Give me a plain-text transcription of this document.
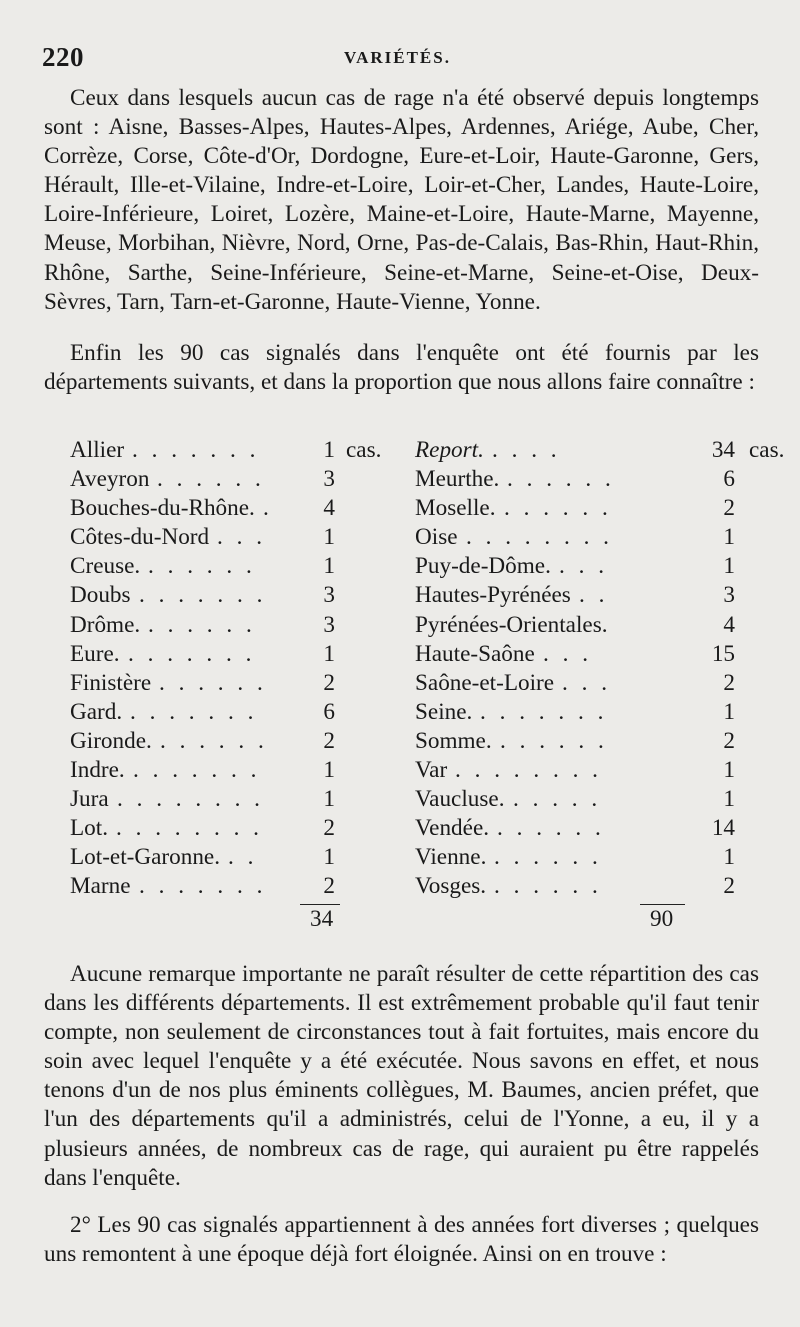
220	VARIÉTÉS.

Ceux dans lesquels aucun cas de rage n'a été observé depuis longtemps sont : Aisne, Basses-Alpes, Hautes-Alpes, Ardennes, Ariége, Aube, Cher, Corrèze, Corse, Côte-d'Or, Dordogne, Eure-et-Loir, Haute-Garonne, Gers, Hérault, Ille-et-Vilaine, Indre-et-Loire, Loir-et-Cher, Landes, Haute-Loire, Loire-Inférieure, Loiret, Lozère, Maine-et-Loire, Haute-Marne, Mayenne, Meuse, Morbihan, Nièvre, Nord, Orne, Pas-de-Calais, Bas-Rhin, Haut-Rhin, Rhône, Sarthe, Seine-Inférieure, Seine-et-Marne, Seine-et-Oise, Deux-Sèvres, Tarn, Tarn-et-Garonne, Haute-Vienne, Yonne.

Enfin les 90 cas signalés dans l'enquête ont été fournis par les départements suivants, et dans la proportion que nous allons faire connaître :

Allier . . . . . . .	1 cas.
Aveyron . . . . . .	3
Bouches-du-Rhône. .	4
Côtes-du-Nord . . .	1
Creuse. . . . . . .	1
Doubs . . . . . . .	3
Drôme. . . . . . .	3
Eure. . . . . . . .	1
Finistère . . . . . .	2
Gard. . . . . . . .	6
Gironde. . . . . . .	2
Indre. . . . . . . .	1
Jura . . . . . . . .	1
Lot. . . . . . . . .	2
Lot-et-Garonne. . .	1
Marne . . . . . . .	2
Report. . . . .	34 cas.
Meurthe. . . . . . .	6
Moselle. . . . . . .	2
Oise . . . . . . . .	1
Puy-de-Dôme. . . .	1
Hautes-Pyrénées . .	3
Pyrénées-Orientales.	4
Haute-Saône . . .	15
Saône-et-Loire . . .	2
Seine. . . . . . . .	1
Somme. . . . . . .	2
Var . . . . . . . .	1
Vaucluse. . . . . .	1
Vendée. . . . . . .	14
Vienne. . . . . . .	1
Vosges. . . . . . .	2
34	90

Aucune remarque importante ne paraît résulter de cette répartition des cas dans les différents départements. Il est extrêmement probable qu'il faut tenir compte, non seulement de circonstances tout à fait fortuites, mais encore du soin avec lequel l'enquête y a été exécutée. Nous savons en effet, et nous tenons d'un de nos plus éminents collègues, M. Baumes, ancien préfet, que l'un des départements qu'il a administrés, celui de l'Yonne, a eu, il y a plusieurs années, de nombreux cas de rage, qui auraient pu être rappelés dans l'enquête.

2° Les 90 cas signalés appartiennent à des années fort diverses ; quelques uns remontent à une époque déjà fort éloignée. Ainsi on en trouve :
